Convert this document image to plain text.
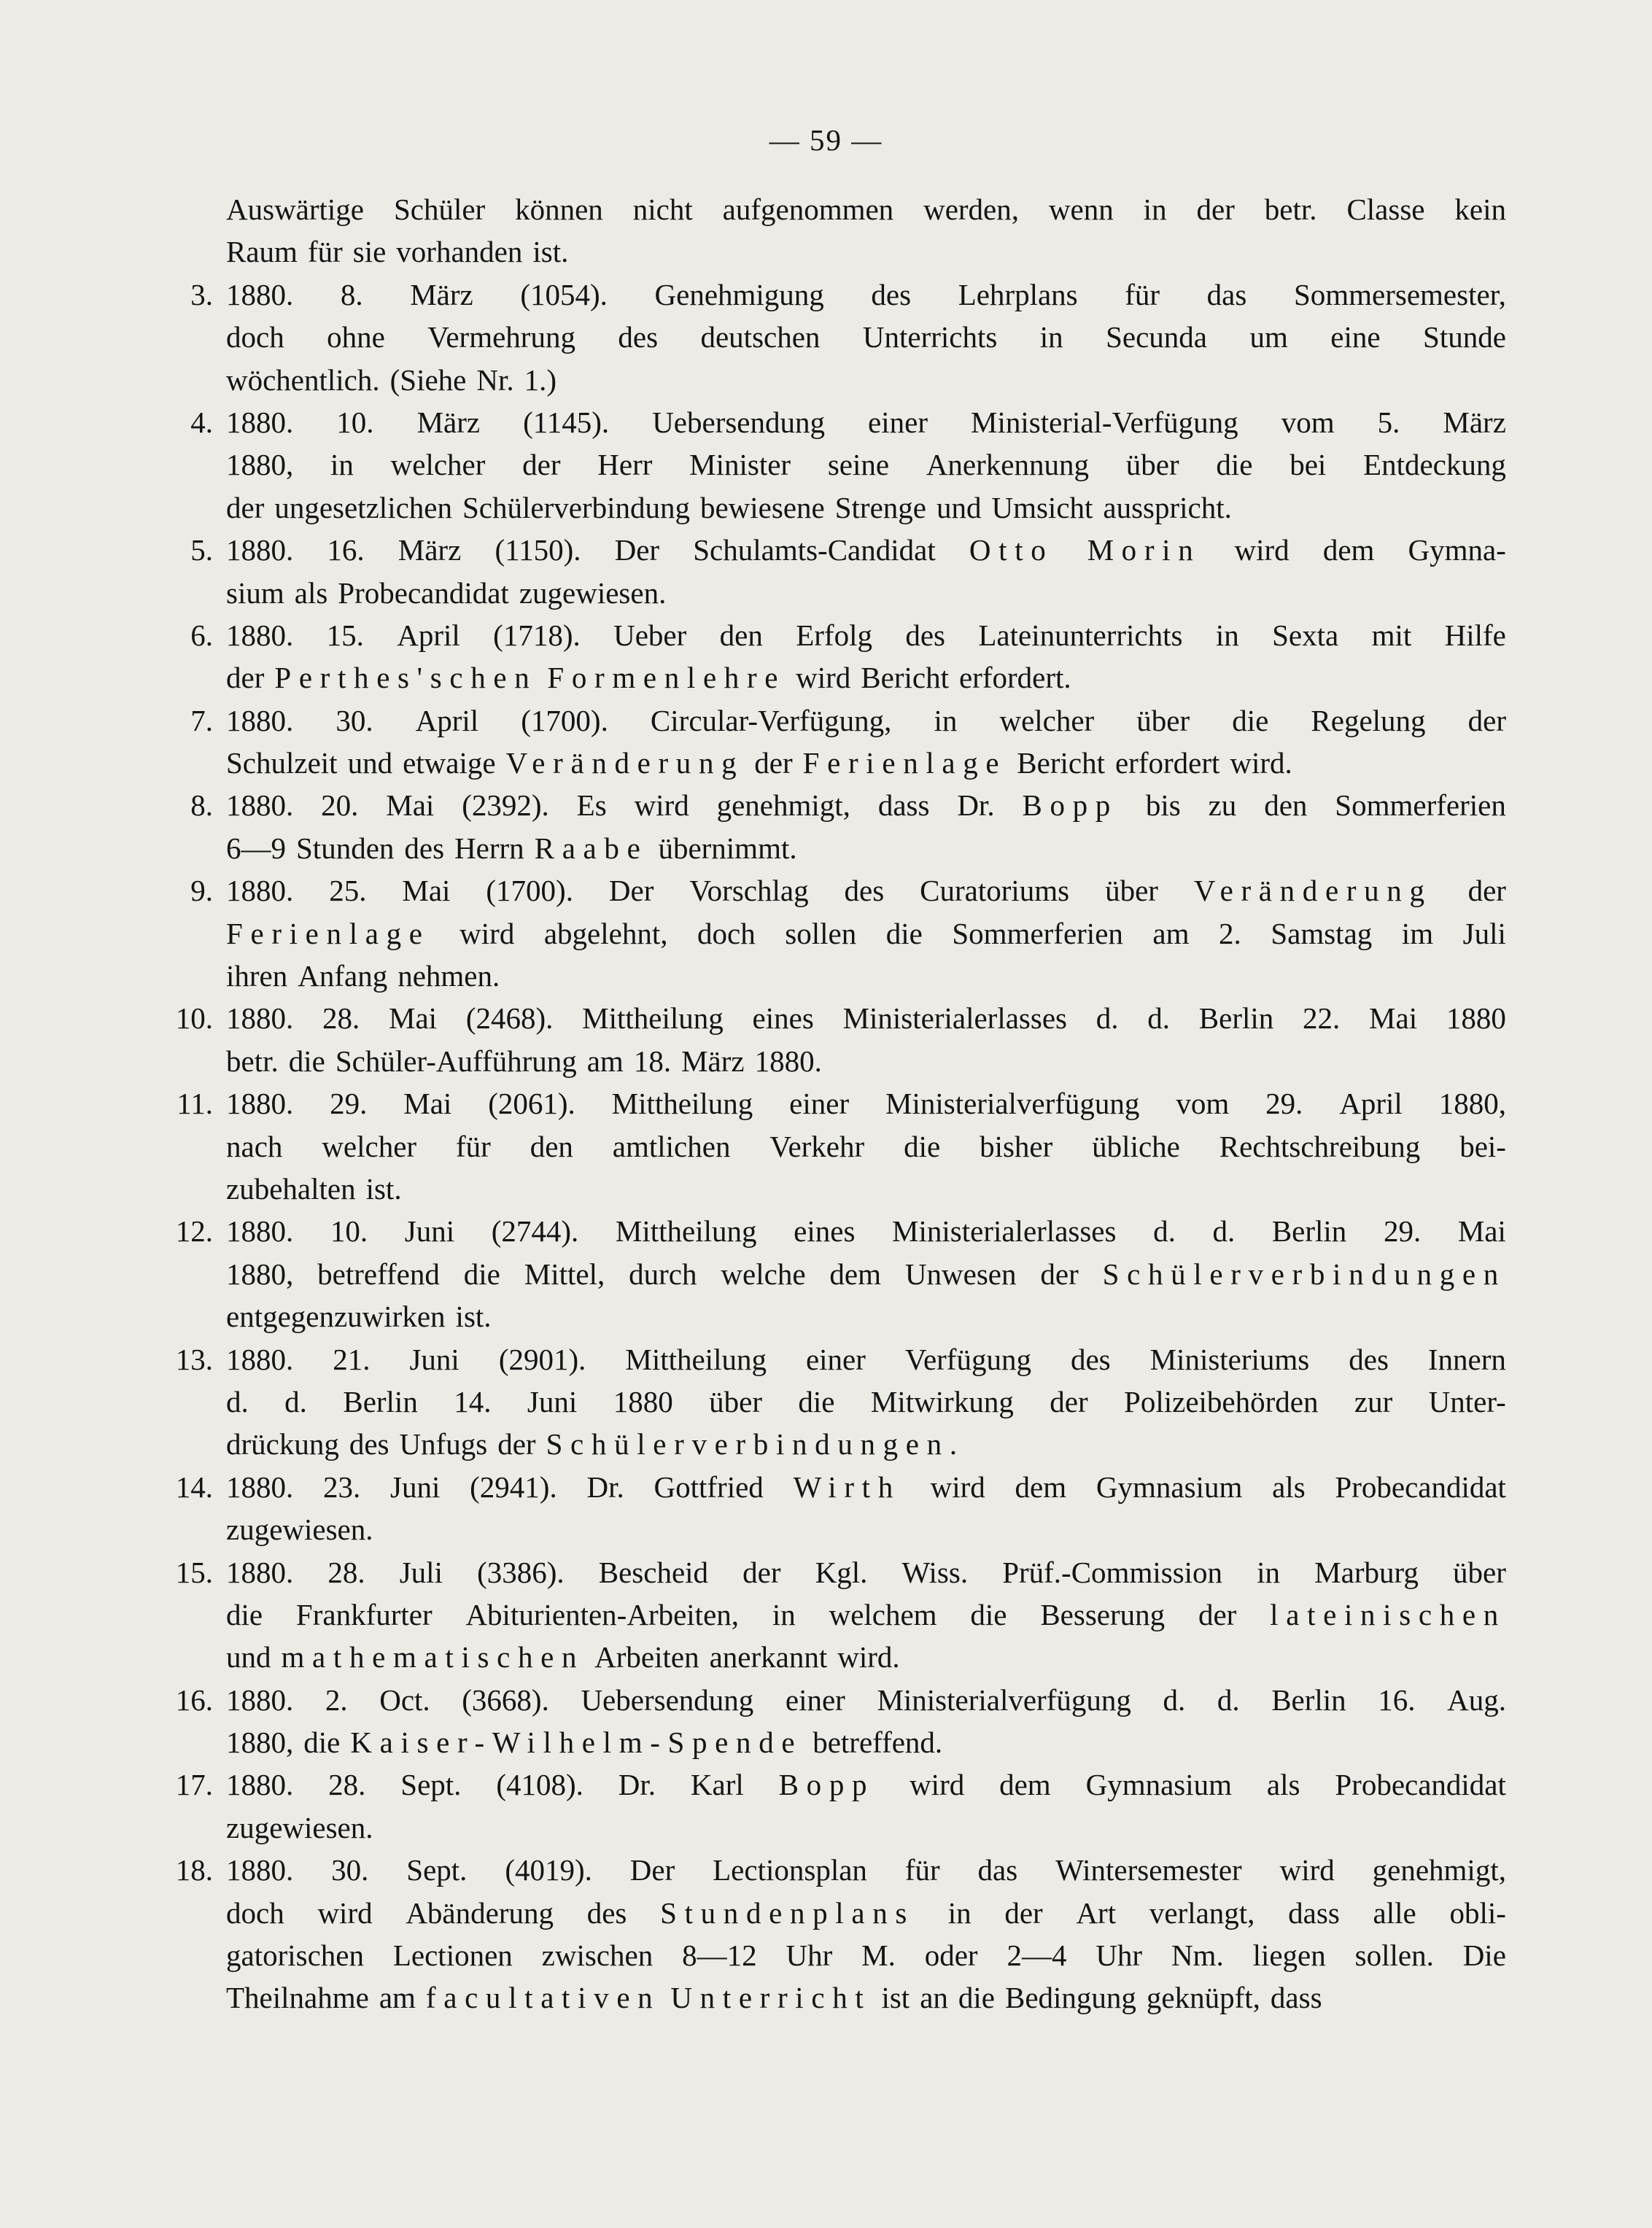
— 59 —
Auswärtige Schüler können nicht aufgenommen werden, wenn in der betr. Classe kein
Raum für sie vorhanden ist.
3. 1880. 8. März (1054). Genehmigung des Lehrplans für das Sommersemester,
doch ohne Vermehrung des deutschen Unterrichts in Secunda um eine Stunde
wöchentlich. (Siehe Nr. 1.)
4. 1880. 10. März (1145). Uebersendung einer Ministerial-Verfügung vom 5. März
1880, in welcher der Herr Minister seine Anerkennung über die bei Entdeckung
der ungesetzlichen Schülerverbindung bewiesene Strenge und Umsicht ausspricht.
5. 1880. 16. März (1150). Der Schulamts-Candidat Otto Morin wird dem Gymna-
sium als Probecandidat zugewiesen.
6. 1880. 15. April (1718). Ueber den Erfolg des Lateinunterrichts in Sexta mit Hilfe
der Perthes'schen Formenlehre wird Bericht erfordert.
7. 1880. 30. April (1700). Circular-Verfügung, in welcher über die Regelung der
Schulzeit und etwaige Veränderung der Ferienlage Bericht erfordert wird.
8. 1880. 20. Mai (2392). Es wird genehmigt, dass Dr. Bopp bis zu den Sommerferien
6—9 Stunden des Herrn Raabe übernimmt.
9. 1880. 25. Mai (1700). Der Vorschlag des Curatoriums über Veränderung der
Ferienlage wird abgelehnt, doch sollen die Sommerferien am 2. Samstag im Juli
ihren Anfang nehmen.
10. 1880. 28. Mai (2468). Mittheilung eines Ministerialerlasses d. d. Berlin 22. Mai 1880
betr. die Schüler-Aufführung am 18. März 1880.
11. 1880. 29. Mai (2061). Mittheilung einer Ministerialverfügung vom 29. April 1880,
nach welcher für den amtlichen Verkehr die bisher übliche Rechtschreibung bei-
zubehalten ist.
12. 1880. 10. Juni (2744). Mittheilung eines Ministerialerlasses d. d. Berlin 29. Mai
1880, betreffend die Mittel, durch welche dem Unwesen der Schülerverbindungen
entgegenzuwirken ist.
13. 1880. 21. Juni (2901). Mittheilung einer Verfügung des Ministeriums des Innern
d. d. Berlin 14. Juni 1880 über die Mitwirkung der Polizeibehörden zur Unter-
drückung des Unfugs der Schülerverbindungen.
14. 1880. 23. Juni (2941). Dr. Gottfried Wirth wird dem Gymnasium als Probecandidat
zugewiesen.
15. 1880. 28. Juli (3386). Bescheid der Kgl. Wiss. Prüf.-Commission in Marburg über
die Frankfurter Abiturienten-Arbeiten, in welchem die Besserung der lateinischen
und mathematischen Arbeiten anerkannt wird.
16. 1880. 2. Oct. (3668). Uebersendung einer Ministerialverfügung d. d. Berlin 16. Aug.
1880, die Kaiser-Wilhelm-Spende betreffend.
17. 1880. 28. Sept. (4108). Dr. Karl Bopp wird dem Gymnasium als Probecandidat
zugewiesen.
18. 1880. 30. Sept. (4019). Der Lectionsplan für das Wintersemester wird genehmigt,
doch wird Abänderung des Stundenplans in der Art verlangt, dass alle obli-
gatorischen Lectionen zwischen 8—12 Uhr M. oder 2—4 Uhr Nm. liegen sollen. Die
Theilnahme am facultativen Unterricht ist an die Bedingung geknüpft, dass
